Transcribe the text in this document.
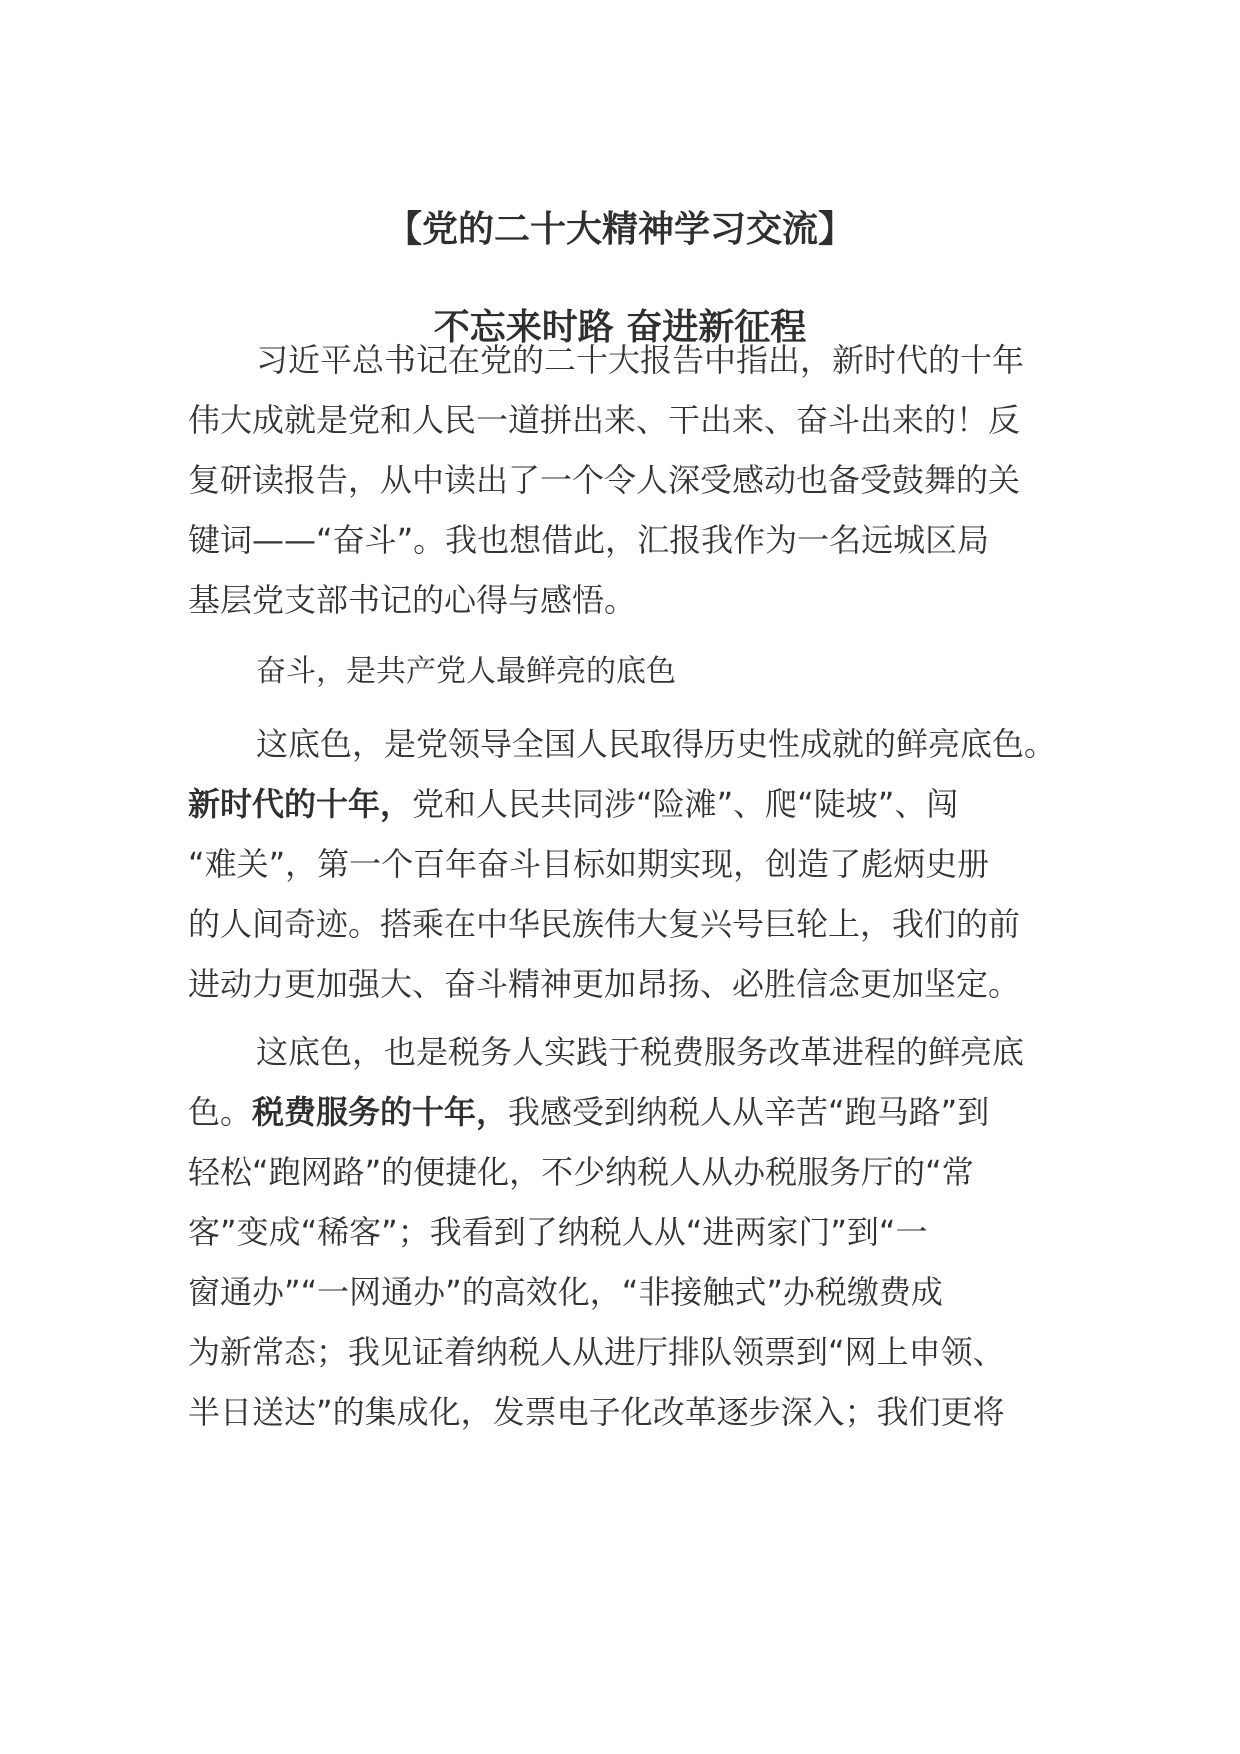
【党的二十大精神学习交流】
不忘来时路 奋进新征程
习近平总书记在党的二十大报告中指出，新时代的十年
伟大成就是党和人民一道拼出来、干出来、奋斗出来的！反
复研读报告，从中读出了一个令人深受感动也备受鼓舞的关
键词——“奋斗”。我也想借此，汇报我作为一名远城区局
基层党支部书记的心得与感悟。
奋斗，是共产党人最鲜亮的底色
这底色，是党领导全国人民取得历史性成就的鲜亮底色。
新时代的十年，党和人民共同涉“险滩”、爬“陡坡”、闯
“难关”，第一个百年奋斗目标如期实现，创造了彪炳史册
的人间奇迹。搭乘在中华民族伟大复兴号巨轮上，我们的前
进动力更加强大、奋斗精神更加昂扬、必胜信念更加坚定。
这底色，也是税务人实践于税费服务改革进程的鲜亮底
色。税费服务的十年，我感受到纳税人从辛苦“跑马路”到
轻松“跑网路”的便捷化，不少纳税人从办税服务厅的“常
客”变成“稀客”；我看到了纳税人从“进两家门”到“一
窗通办”“一网通办”的高效化，“非接触式”办税缴费成
为新常态；我见证着纳税人从进厅排队领票到“网上申领、
半日送达”的集成化，发票电子化改革逐步深入；我们更将
